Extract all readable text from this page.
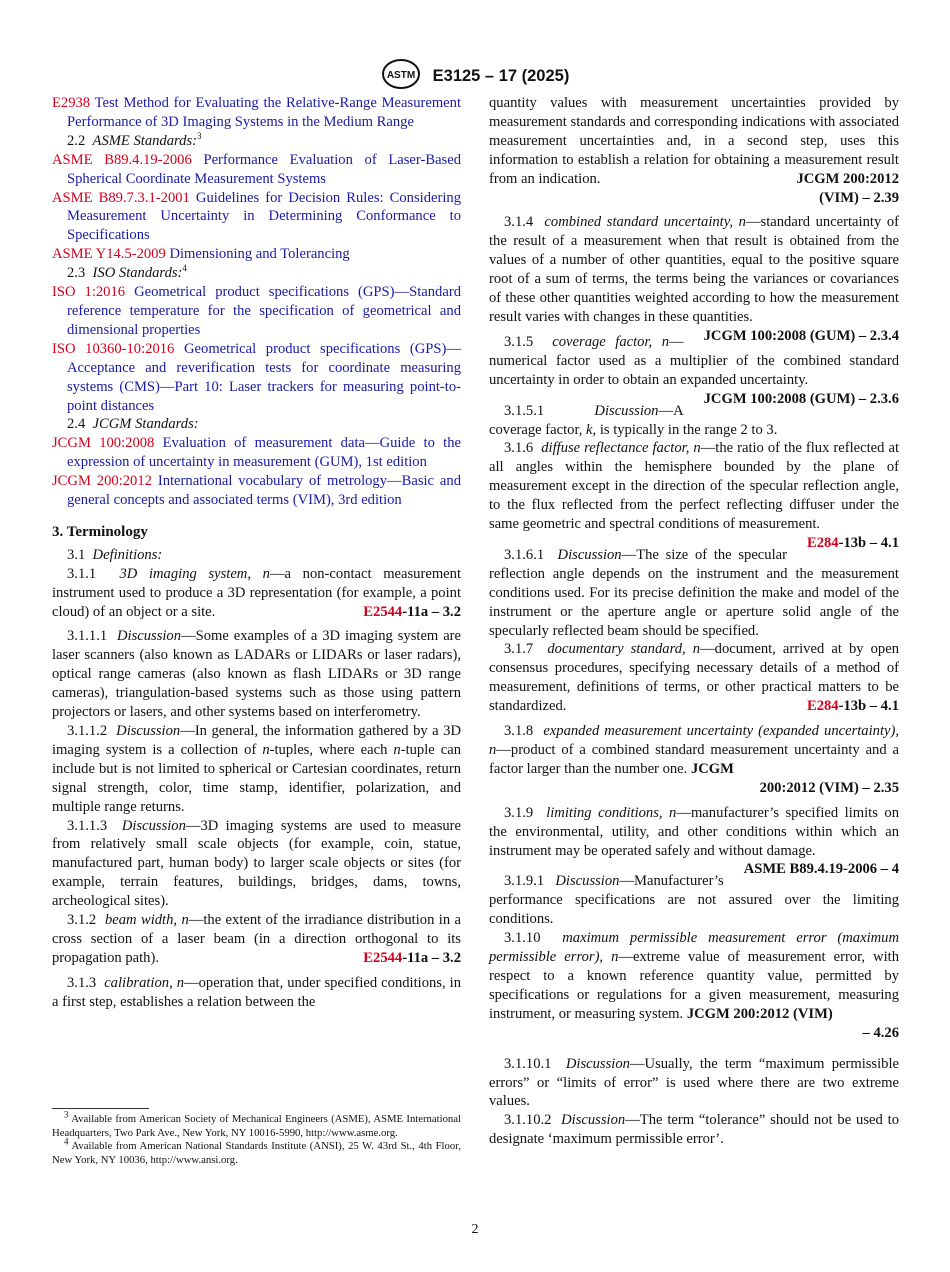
ASTM E3125 – 17 (2025)
E2938 Test Method for Evaluating the Relative-Range Measurement Performance of 3D Imaging Systems in the Medium Range
2.2 ASME Standards:$^3$
ASME B89.4.19-2006 Performance Evaluation of Laser-Based Spherical Coordinate Measurement Systems
ASME B89.7.3.1-2001 Guidelines for Decision Rules: Considering Measurement Uncertainty in Determining Conformance to Specifications
ASME Y14.5-2009 Dimensioning and Tolerancing
2.3 ISO Standards:$^4$
ISO 1:2016 Geometrical product specifications (GPS)—Standard reference temperature for the specification of geometrical and dimensional properties
ISO 10360-10:2016 Geometrical product specifications (GPS)—Acceptance and reverification tests for coordinate measuring systems (CMS)—Part 10: Laser trackers for measuring point-to-point distances
2.4 JCGM Standards:
JCGM 100:2008 Evaluation of measurement data—Guide to the expression of uncertainty in measurement (GUM), 1st edition
JCGM 200:2012 International vocabulary of metrology—Basic and general concepts and associated terms (VIM), 3rd edition
3. Terminology

3.1 Definitions:

3.1.1 3D imaging system, n—a non-contact measurement instrument used to produce a 3D representation (for example, a point cloud) of an object or a site.	E2544-11a – 3.2

3.1.1.1 Discussion—Some examples of a 3D imaging system are laser scanners (also known as LADARs or LIDARs or laser radars), optical range cameras (also known as flash LIDARs or 3D range cameras), triangulation-based systems such as those using pattern projectors or lasers, and other systems based on interferometry.

3.1.1.2 Discussion—In general, the information gathered by a 3D imaging system is a collection of n-tuples, where each n-tuple can include but is not limited to spherical or Cartesian coordinates, return signal strength, color, time stamp, identifier, polarization, and multiple range returns.

3.1.1.3 Discussion—3D imaging systems are used to measure from relatively small scale objects (for example, coin, statue, manufactured part, human body) to larger scale objects or sites (for example, terrain features, buildings, bridges, dams, towns, archeological sites).

3.1.2 beam width, n—the extent of the irradiance distribution in a cross section of a laser beam (in a direction orthogonal to its propagation path).	E2544-11a – 3.2

3.1.3 calibration, n—operation that, under specified conditions, in a first step, establishes a relation between the

quantity values with measurement uncertainties provided by measurement standards and corresponding indications with associated measurement uncertainties and, in a second step, uses this information to establish a relation for obtaining a measurement result from an indication.	JCGM 200:2012

(VIM) – 2.39

3.1.4 combined standard uncertainty, n—standard uncertainty of the result of a measurement when that result is obtained from the values of a number of other quantities, equal to the positive square root of a sum of terms, the terms being the variances or covariances of these other quantities weighted according to how the measurement result varies with changes in these quantities.
JCGM 100:2008 (GUM) – 2.3.4

3.1.5 coverage factor, n—numerical factor used as a multiplier of the combined standard uncertainty in order to obtain an expanded uncertainty.
JCGM 100:2008 (GUM) – 2.3.6

3.1.5.1	Discussion—A coverage factor, k, is typically in the range 2 to 3.

3.1.6 diffuse reflectance factor, n—the ratio of the flux reflected at all angles within the hemisphere bounded by the plane of measurement except in the direction of the specular reflection angle, to the flux reflected from the perfect reflecting diffuser under the same geometric and spectral conditions of measurement.
E284-13b – 4.1

3.1.6.1 Discussion—The size of the specular reflection angle depends on the instrument and the measurement conditions used. For its precise definition the make and model of the instrument or the aperture angle or aperture solid angle of the specularly reflected beam should be specified.

3.1.7 documentary standard, n—document, arrived at by open consensus procedures, specifying necessary details of a method of measurement, definitions of terms, or other practical matters to be standardized.	E284-13b – 4.1

3.1.8 expanded measurement uncertainty (expanded uncertainty), n—product of a combined standard measurement uncertainty and a factor larger than the number one. JCGM

200:2012 (VIM) – 2.35

3.1.9 limiting conditions, n—manufacturer’s specified limits on the environmental, utility, and other conditions within which an instrument may be operated safely and without damage.
ASME B89.4.19-2006 – 4

3.1.9.1 Discussion—Manufacturer’s performance specifications are not assured over the limiting conditions.

3.1.10 maximum permissible measurement error (maximum permissible error), n—extreme value of measurement error, with respect to a known reference quantity value, permitted by specifications or regulations for a given measurement, measuring instrument, or measuring system. JCGM 200:2012 (VIM)

– 4.26

3.1.10.1 Discussion—Usually, the term “maximum permissible errors” or “limits of error” is used where there are two extreme values.

3.1.10.2 Discussion—The term “tolerance” should not be used to designate ‘maximum permissible error’.

$^3$ Available from American Society of Mechanical Engineers (ASME), ASME International Headquarters, Two Park Ave., New York, NY 10016-5990, http://www.asme.org.

$^4$ Available from American National Standards Institute (ANSI), 25 W. 43rd St., 4th Floor, New York, NY 10036, http://www.ansi.org.

2
